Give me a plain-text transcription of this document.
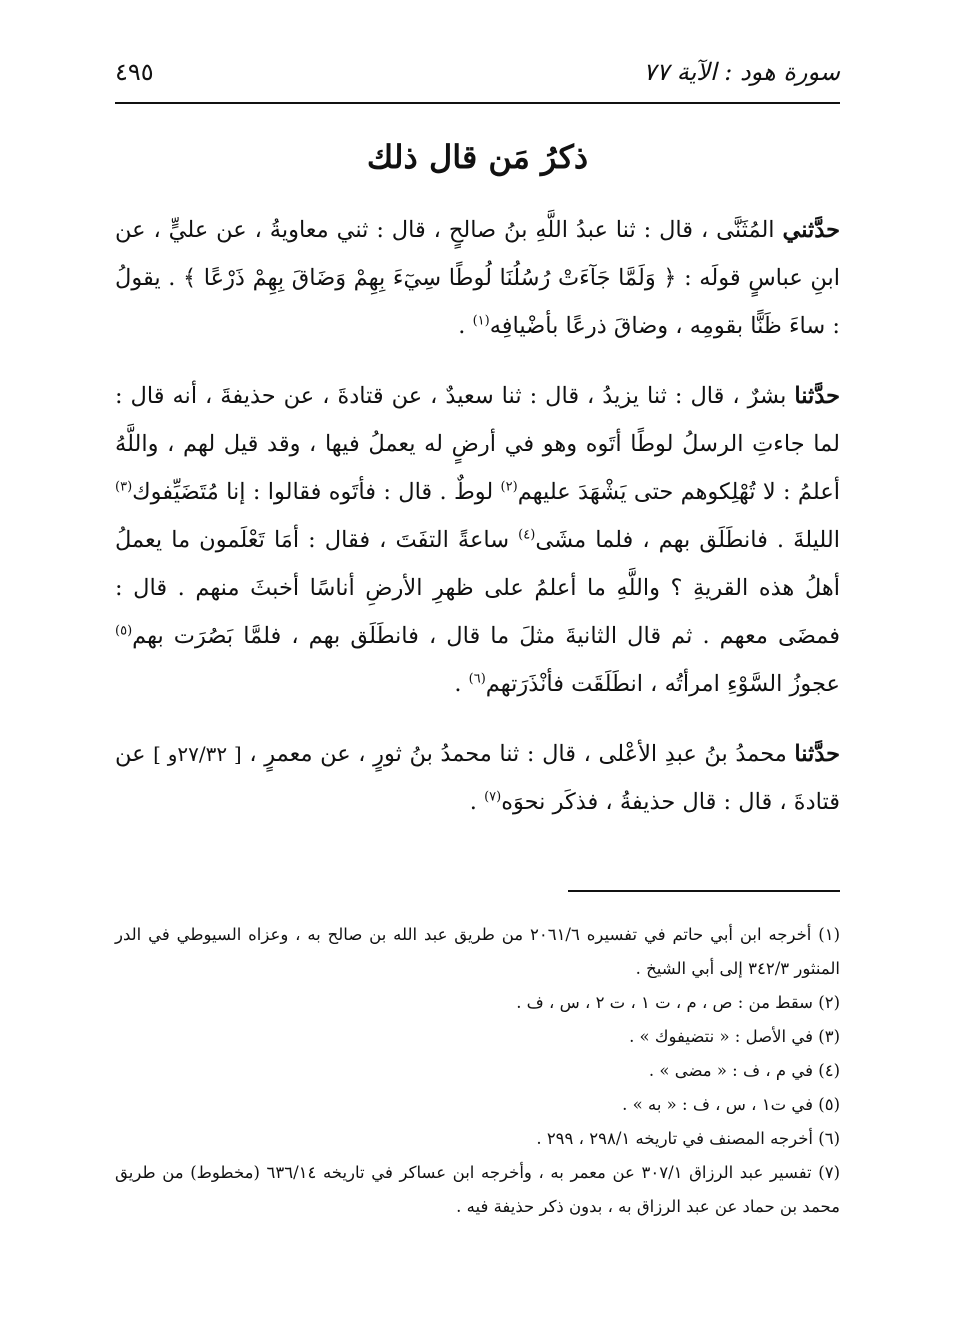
سورة هود : الآية ٧٧
٤٩٥
ذكرُ مَن قال ذلك

حدَّثني المُثَنَّى ، قال : ثنا عبدُ اللَّهِ بنُ صالحٍ ، قال : ثني معاويةُ ، عن عليٍّ ، عن ابنِ عباسٍ قولَه : ﴿ وَلَمَّا جَآءَتْ رُسُلُنَا لُوطًا سِيٓءَ بِهِمْ وَضَاقَ بِهِمْ ذَرْعًا ﴾ . يقولُ : ساءَ ظَنًّا بقومِه ، وضاقَ ذرعًا بأضْيافِه$^{(١)}$ .

حدَّثنا بشرٌ ، قال : ثنا يزيدُ ، قال : ثنا سعيدٌ ، عن قتادةَ ، عن حذيفةَ ، أنه قال : لما جاءتِ الرسلُ لوطًا أتَوه وهو في أرضٍ له يعملُ فيها ، وقد قيل لهم ، واللَّهُ أعلمُ : لا تُهْلِكوهم حتى يَشْهَدَ عليهم$^{(٢)}$ لوطٌ . قال : فأتَوه فقالوا : إنا مُتَضَيِّفوك$^{(٣)}$ الليلةَ . فانطَلَق بهم ، فلما مشَى$^{(٤)}$ ساعةً التفَتَ ، فقال : أمَا تَعْلَمون ما يعملُ أهلُ هذه القريةِ ؟ واللَّهِ ما أعلمُ على ظهرِ الأرضِ أناسًا أخبثَ منهم . قال : فمضَى معهم . ثم قال الثانيةَ مثلَ ما قال ، فانطَلَق بهم ، فلمَّا بَصُرَت بهم$^{(٥)}$ عجوزُ السَّوْءِ امرأتُه ، انطَلَقَت فأنْذَرَتهم$^{(٦)}$ .

حدَّثنا محمدُ بنُ عبدِ الأعْلى ، قال : ثنا محمدُ بنُ ثورٍ ، عن معمرٍ ، [ ٢٧/٣٢و ] عن قتادةَ ، قال : قال حذيفةُ ، فذكَر نحوَه$^{(٧)}$ .

(١) أخرجه ابن أبي حاتم في تفسيره ٢٠٦١/٦ من طريق عبد الله بن صالح به ، وعزاه السيوطي في الدر المنثور ٣٤٢/٣ إلى أبي الشيخ .

(٢) سقط من : ص ، م ، ت ١ ، ت ٢ ، س ، ف .

(٣) في الأصل : « نتضيفوك » .

(٤) في م ، ف : « مضى » .

(٥) في ت١ ، س ، ف : « به » .

(٦) أخرجه المصنف في تاريخه ٢٩٨/١ ، ٢٩٩ .

(٧) تفسير عبد الرزاق ٣٠٧/١ عن معمر به ، وأخرجه ابن عساكر في تاريخه ٦٣٦/١٤ (مخطوط) من طريق محمد بن حماد عن عبد الرزاق به ، بدون ذكر حذيفة فيه .
